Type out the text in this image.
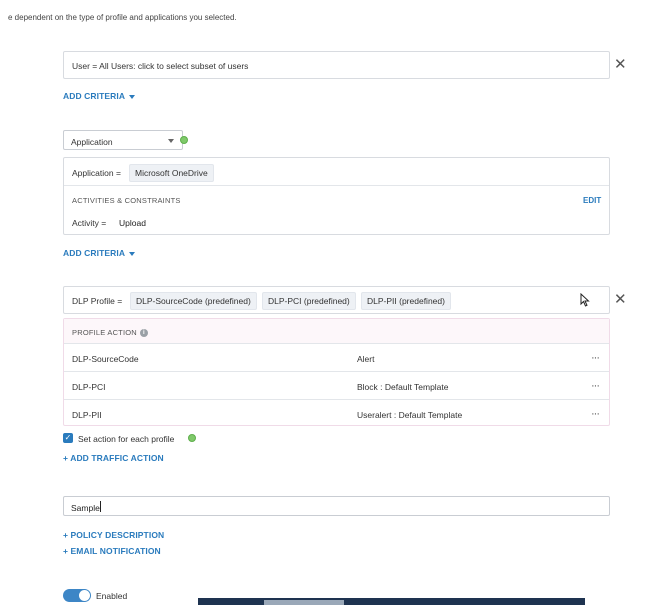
e dependent on the type of profile and applications you selected.
User = All Users: click to select subset of users	✕
ADD CRITERIA
Application
Application =	Microsoft OneDrive
ACTIVITIES & CONSTRAINTS	EDIT
Activity = Upload
ADD CRITERIA
DLP Profile =	DLP-SourceCode (predefined)	DLP-PCI (predefined)	DLP-PII (predefined)	✕
PROFILE ACTION i
DLP-SourceCode	Alert	···
DLP-PCI	Block : Default Template	···
DLP-PII	Useralert : Default Template	···
✓ Set action for each profile
+ ADD TRAFFIC ACTION
Sample
+ POLICY DESCRIPTION
+ EMAIL NOTIFICATION
Enabled
